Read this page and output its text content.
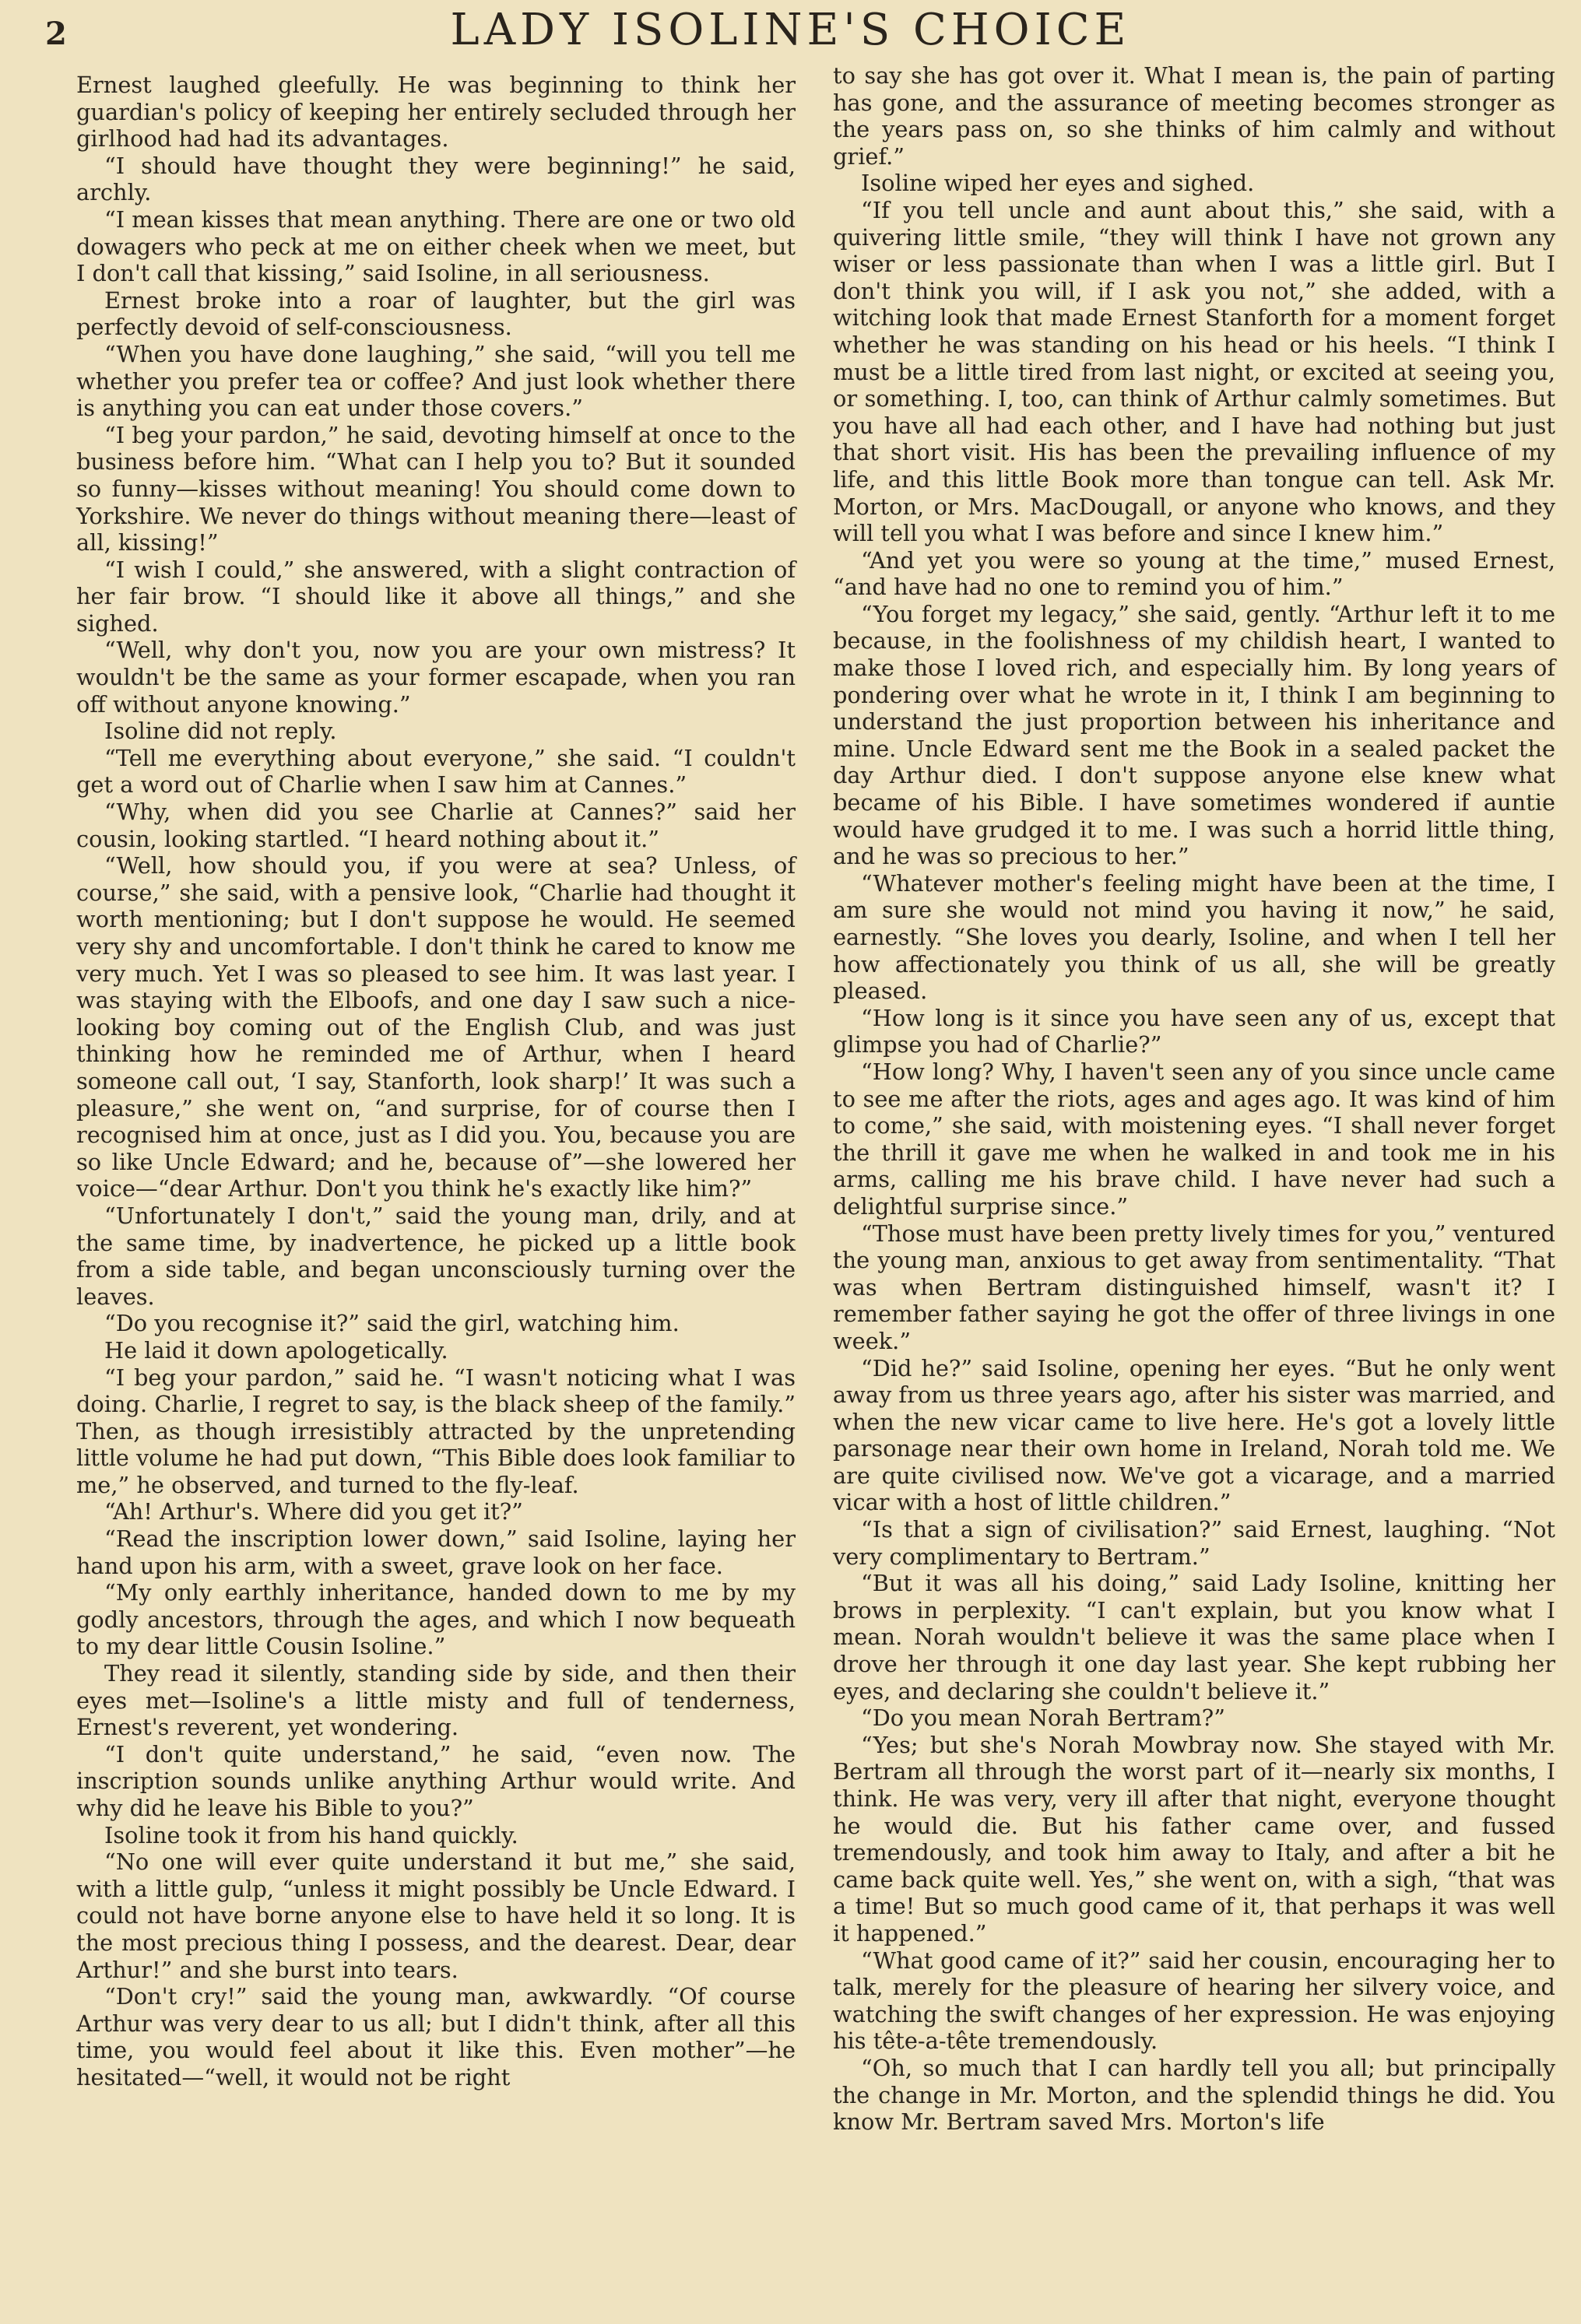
2	LADY ISOLINE'S CHOICE

Ernest laughed gleefully. He was beginning to think her guardian's policy of keeping her entirely secluded through her girlhood had had its advantages.

“I should have thought they were beginning!” he said, archly.

“I mean kisses that mean anything. There are one or two old dowagers who peck at me on either cheek when we meet, but I don't call that kissing,” said Isoline, in all seriousness.

Ernest broke into a roar of laughter, but the girl was perfectly devoid of self-consciousness.

“When you have done laughing,” she said, “will you tell me whether you prefer tea or coffee? And just look whether there is anything you can eat under those covers.”

“I beg your pardon,” he said, devoting himself at once to the business before him. “What can I help you to? But it sounded so funny—kisses without meaning! You should come down to Yorkshire. We never do things without meaning there—least of all, kissing!”

“I wish I could,” she answered, with a slight contraction of her fair brow. “I should like it above all things,” and she sighed.

“Well, why don't you, now you are your own mistress? It wouldn't be the same as your former escapade, when you ran off without anyone knowing.”

Isoline did not reply.

“Tell me everything about everyone,” she said. “I couldn't get a word out of Charlie when I saw him at Cannes.”

“Why, when did you see Charlie at Cannes?” said her cousin, looking startled. “I heard nothing about it.”

“Well, how should you, if you were at sea? Unless, of course,” she said, with a pensive look, “Charlie had thought it worth mentioning; but I don't suppose he would. He seemed very shy and uncomfortable. I don't think he cared to know me very much. Yet I was so pleased to see him. It was last year. I was staying with the Elboofs, and one day I saw such a nice-looking boy coming out of the English Club, and was just thinking how he reminded me of Arthur, when I heard someone call out, ‘I say, Stanforth, look sharp!’ It was such a pleasure,” she went on, “and surprise, for of course then I recognised him at once, just as I did you. You, because you are so like Uncle Edward; and he, because of”—she lowered her voice—“dear Arthur. Don't you think he's exactly like him?”

“Unfortunately I don't,” said the young man, drily, and at the same time, by inadvertence, he picked up a little book from a side table, and began unconsciously turning over the leaves.

“Do you recognise it?” said the girl, watching him.

He laid it down apologetically.

“I beg your pardon,” said he. “I wasn't noticing what I was doing. Charlie, I regret to say, is the black sheep of the family.” Then, as though irresistibly attracted by the unpretending little volume he had put down, “This Bible does look familiar to me,” he observed, and turned to the fly-leaf.

“Ah! Arthur's. Where did you get it?”

“Read the inscription lower down,” said Isoline, laying her hand upon his arm, with a sweet, grave look on her face.

“My only earthly inheritance, handed down to me by my godly ancestors, through the ages, and which I now bequeath to my dear little Cousin Isoline.”

They read it silently, standing side by side, and then their eyes met—Isoline's a little misty and full of tenderness, Ernest's reverent, yet wondering.

“I don't quite understand,” he said, “even now. The inscription sounds unlike anything Arthur would write. And why did he leave his Bible to you?”

Isoline took it from his hand quickly.

“No one will ever quite understand it but me,” she said, with a little gulp, “unless it might possibly be Uncle Edward. I could not have borne anyone else to have held it so long. It is the most precious thing I possess, and the dearest. Dear, dear Arthur!” and she burst into tears.

“Don't cry!” said the young man, awkwardly. “Of course Arthur was very dear to us all; but I didn't think, after all this time, you would feel about it like this. Even mother”—he hesitated—“well, it would not be right

to say she has got over it. What I mean is, the pain of parting has gone, and the assurance of meeting becomes stronger as the years pass on, so she thinks of him calmly and without grief.”

Isoline wiped her eyes and sighed.

“If you tell uncle and aunt about this,” she said, with a quivering little smile, “they will think I have not grown any wiser or less passionate than when I was a little girl. But I don't think you will, if I ask you not,” she added, with a witching look that made Ernest Stanforth for a moment forget whether he was standing on his head or his heels. “I think I must be a little tired from last night, or excited at seeing you, or something. I, too, can think of Arthur calmly sometimes. But you have all had each other, and I have had nothing but just that short visit. His has been the prevailing influence of my life, and this little Book more than tongue can tell. Ask Mr. Morton, or Mrs. MacDougall, or anyone who knows, and they will tell you what I was before and since I knew him.”

“And yet you were so young at the time,” mused Ernest, “and have had no one to remind you of him.”

“You forget my legacy,” she said, gently. “Arthur left it to me because, in the foolishness of my childish heart, I wanted to make those I loved rich, and especially him. By long years of pondering over what he wrote in it, I think I am beginning to understand the just proportion between his inheritance and mine. Uncle Edward sent me the Book in a sealed packet the day Arthur died. I don't suppose anyone else knew what became of his Bible. I have sometimes wondered if auntie would have grudged it to me. I was such a horrid little thing, and he was so precious to her.”

“Whatever mother's feeling might have been at the time, I am sure she would not mind you having it now,” he said, earnestly. “She loves you dearly, Isoline, and when I tell her how affectionately you think of us all, she will be greatly pleased.

“How long is it since you have seen any of us, except that glimpse you had of Charlie?”

“How long? Why, I haven't seen any of you since uncle came to see me after the riots, ages and ages ago. It was kind of him to come,” she said, with moistening eyes. “I shall never forget the thrill it gave me when he walked in and took me in his arms, calling me his brave child. I have never had such a delightful surprise since.”

“Those must have been pretty lively times for you,” ventured the young man, anxious to get away from sentimentality. “That was when Bertram distinguished himself, wasn't it? I remember father saying he got the offer of three livings in one week.”

“Did he?” said Isoline, opening her eyes. “But he only went away from us three years ago, after his sister was married, and when the new vicar came to live here. He's got a lovely little parsonage near their own home in Ireland, Norah told me. We are quite civilised now. We've got a vicarage, and a married vicar with a host of little children.”

“Is that a sign of civilisation?” said Ernest, laughing. “Not very complimentary to Bertram.”

“But it was all his doing,” said Lady Isoline, knitting her brows in perplexity. “I can't explain, but you know what I mean. Norah wouldn't believe it was the same place when I drove her through it one day last year. She kept rubbing her eyes, and declaring she couldn't believe it.”

“Do you mean Norah Bertram?”

“Yes; but she's Norah Mowbray now. She stayed with Mr. Bertram all through the worst part of it—nearly six months, I think. He was very, very ill after that night, everyone thought he would die. But his father came over, and fussed tremendously, and took him away to Italy, and after a bit he came back quite well. Yes,” she went on, with a sigh, “that was a time! But so much good came of it, that perhaps it was well it happened.”

“What good came of it?” said her cousin, encouraging her to talk, merely for the pleasure of hearing her silvery voice, and watching the swift changes of her expression. He was enjoying his tête-a-tête tremendously.

“Oh, so much that I can hardly tell you all; but principally the change in Mr. Morton, and the splendid things he did. You know Mr. Bertram saved Mrs. Morton's life
